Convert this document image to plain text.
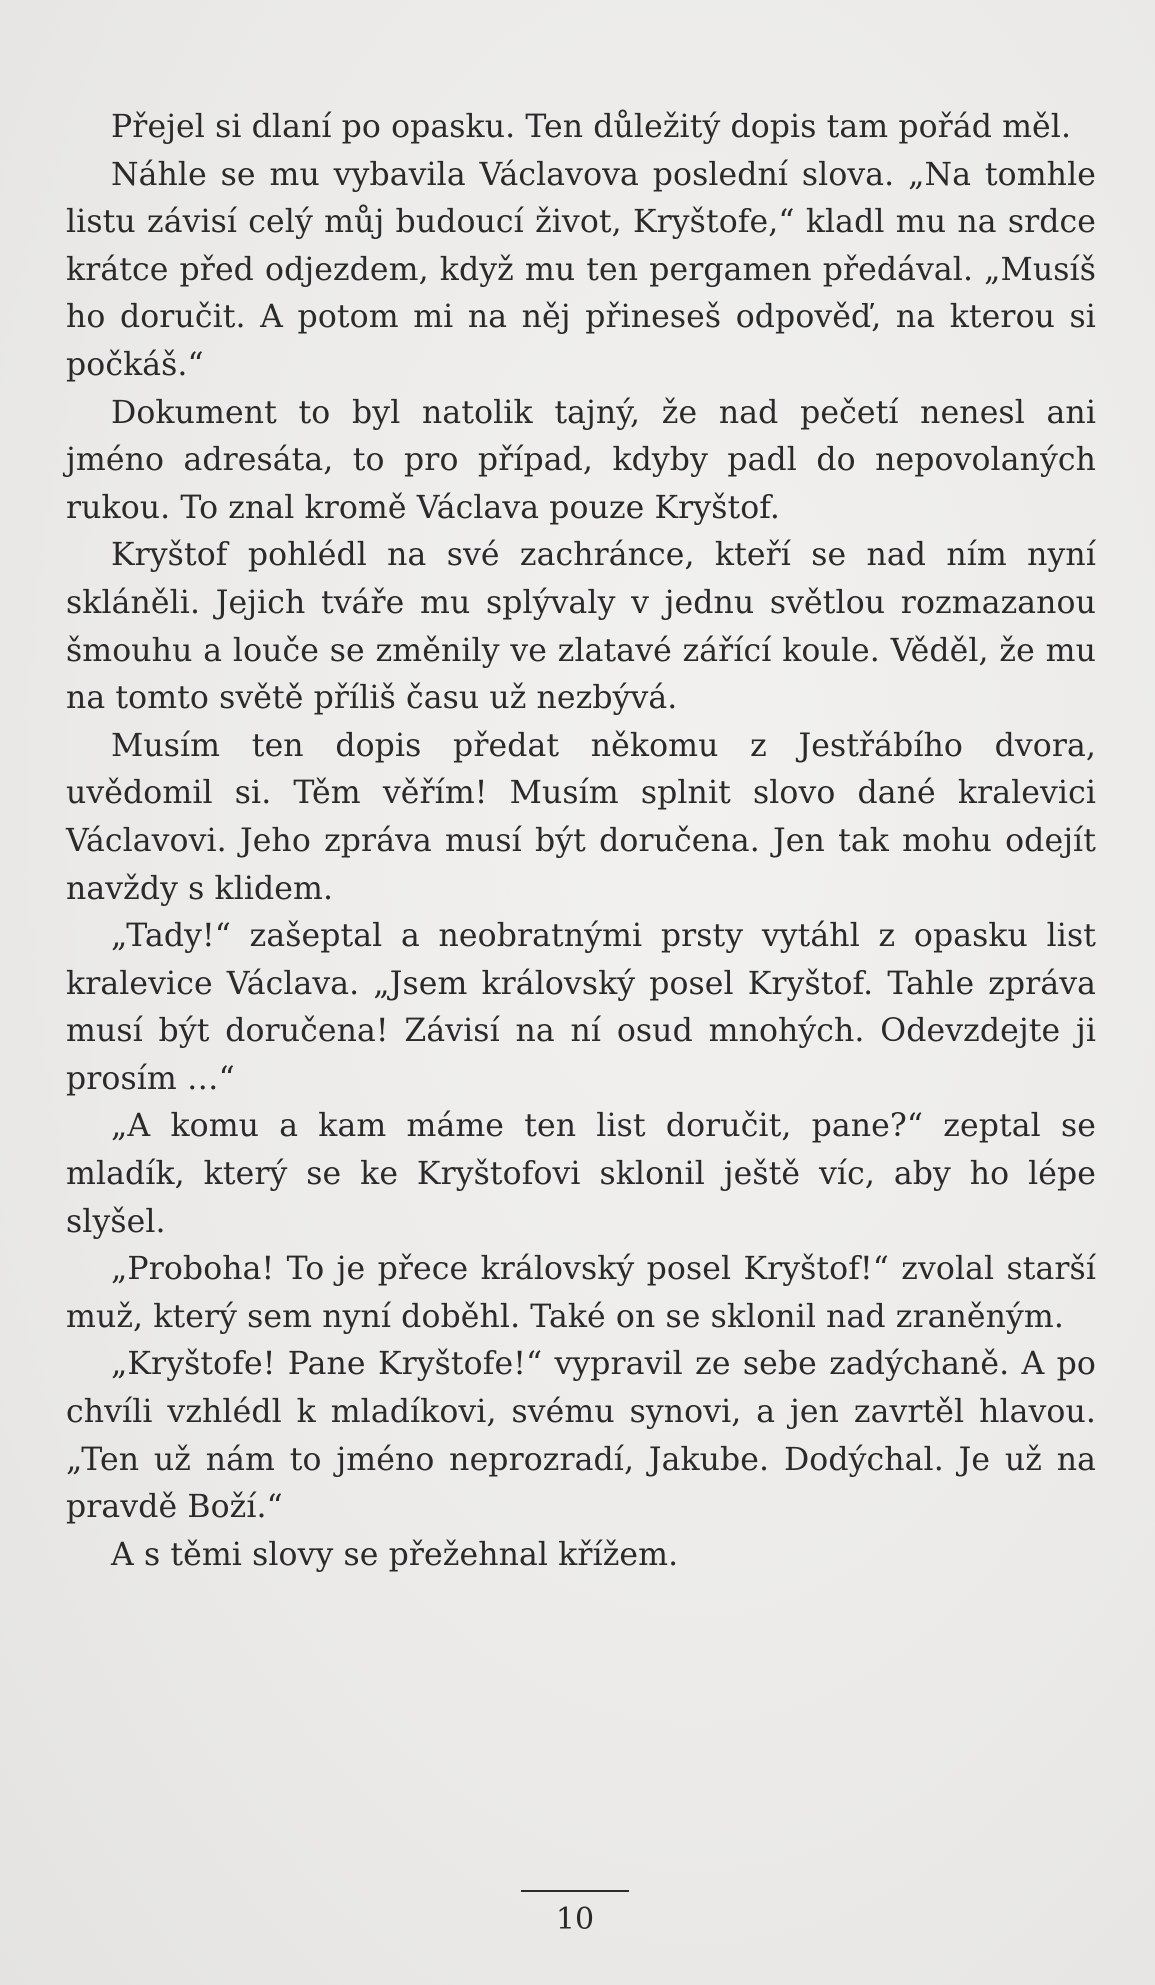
Přejel si dlaní po opasku. Ten důležitý dopis tam pořád měl.

Náhle se mu vybavila Václavova poslední slova. „Na tomhle listu závisí celý můj budoucí život, Kryštofe,“ kladl mu na srdce krátce před odjezdem, když mu ten pergamen předával. „Musíš ho doručit. A potom mi na něj přineseš odpověď, na kterou si počkáš.“

Dokument to byl natolik tajný, že nad pečetí nenesl ani jméno adresáta, to pro případ, kdyby padl do nepovolaných rukou. To znal kromě Václava pouze Kryštof.

Kryštof pohlédl na své zachránce, kteří se nad ním nyní skláněli. Jejich tváře mu splývaly v jednu světlou rozmazanou šmouhu a louče se změnily ve zlatavé zářící koule. Věděl, že mu na tomto světě příliš času už nezbývá.

Musím ten dopis předat někomu z Jestřábího dvora, uvědomil si. Těm věřím! Musím splnit slovo dané kralevici Václavovi. Jeho zpráva musí být doručena. Jen tak mohu odejít navždy s klidem.

„Tady!“ zašeptal a neobratnými prsty vytáhl z opasku list kralevice Václava. „Jsem královský posel Kryštof. Tahle zpráva musí být doručena! Závisí na ní osud mnohých. Odevzdejte ji prosím …“

„A komu a kam máme ten list doručit, pane?“ zeptal se mladík, který se ke Kryštofovi sklonil ještě víc, aby ho lépe slyšel.

„Proboha! To je přece královský posel Kryštof!“ zvolal starší muž, který sem nyní doběhl. Také on se sklonil nad zraněným.

„Kryštofe! Pane Kryštofe!“ vypravil ze sebe zadýchaně. A po chvíli vzhlédl k mladíkovi, svému synovi, a jen zavrtěl hlavou. „Ten už nám to jméno neprozradí, Jakube. Dodýchal. Je už na pravdě Boží.“

A s těmi slovy se přežehnal křížem.

10
